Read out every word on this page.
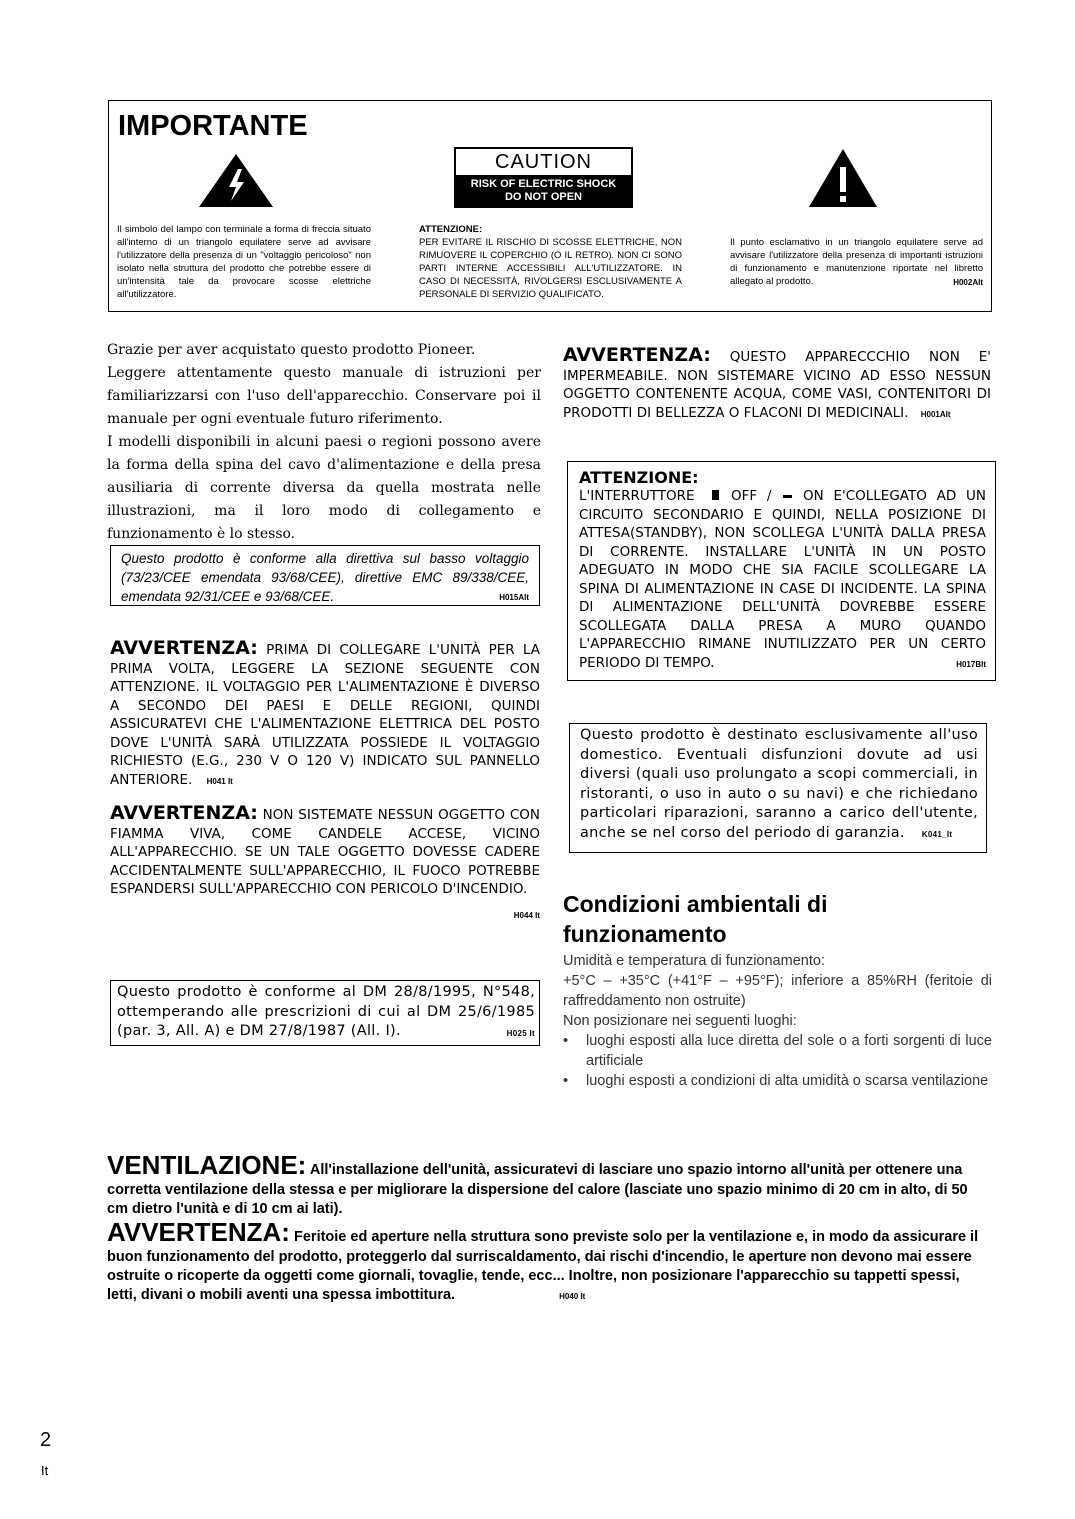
IMPORTANTE
CAUTION
RISK OF ELECTRIC SHOCK
DO NOT OPEN
Il simbolo del lampo con terminale a forma di freccia situato all'interno di un triangolo equilatere serve ad avvisare l'utilizzatore della presenza di un "voltaggio pericoloso" non isolato nella struttura del prodotto che potrebbe essere di un'intensità tale da provocare scosse elettriche all'utilizzatore.
ATTENZIONE:
PER EVITARE IL RISCHIO DI SCOSSE ELETTRICHE, NON RIMUOVERE IL COPERCHIO (O IL RETRO). NON CI SONO PARTI INTERNE ACCESSIBILI ALL'UTILIZZATORE. IN CASO DI NECESSITÀ, RIVOLGERSI ESCLUSIVAMENTE A PERSONALE DI SERVIZIO QUALIFICATO.
Il punto esclamativo in un triangolo equilatere serve ad avvisare l'utilizzatore della presenza di importanti istruzioni di funzionamento e manutenzione riportate nel libretto allegato al prodotto.	H002AIt
Grazie per aver acquistato questo prodotto Pioneer.
Leggere attentamente questo manuale di istruzioni per familiarizzarsi con l'uso dell'apparecchio. Conservare poi il manuale per ogni eventuale futuro riferimento.
I modelli disponibili in alcuni paesi o regioni possono avere la forma della spina del cavo d'alimentazione e della presa ausiliaria di corrente diversa da quella mostrata nelle illustrazioni, ma il loro modo di collegamento e funzionamento è lo stesso.
Questo prodotto è conforme alla direttiva sul basso voltaggio (73/23/CEE emendata 93/68/CEE), direttive EMC 89/338/CEE, emendata 92/31/CEE e 93/68/CEE.	H015AIt
AVVERTENZA: PRIMA DI COLLEGARE L'UNITÀ PER LA PRIMA VOLTA, LEGGERE LA SEZIONE SEGUENTE CON ATTENZIONE. IL VOLTAGGIO PER L'ALIMENTAZIONE È DIVERSO A SECONDO DEI PAESI E DELLE REGIONI, QUINDI ASSICURATEVI CHE L'ALIMENTAZIONE ELETTRICA DEL POSTO DOVE L'UNITÀ SARÀ UTILIZZATA POSSIEDE IL VOLTAGGIO RICHIESTO (E.G., 230 V O 120 V) INDICATO SUL PANNELLO ANTERIORE. H041 It
AVVERTENZA: NON SISTEMATE NESSUN OGGETTO CON FIAMMA VIVA, COME CANDELE ACCESE, VICINO ALL'APPARECCHIO. SE UN TALE OGGETTO DOVESSE CADERE ACCIDENTALMENTE SULL'APPARECCHIO, IL FUOCO POTREBBE ESPANDERSI SULL'APPARECCHIO CON PERICOLO D'INCENDIO.
H044 It
Questo prodotto è conforme al DM 28/8/1995, N°548, ottemperando alle prescrizioni di cui al DM 25/6/1985 (par. 3, All. A) e DM 27/8/1987 (All. I).	H025 It
AVVERTENZA: QUESTO APPARECCCHIO NON E' IMPERMEABILE. NON SISTEMARE VICINO AD ESSO NESSUN OGGETTO CONTENENTE ACQUA, COME VASI, CONTENITORI DI PRODOTTI DI BELLEZZA O FLACONI DI MEDICINALI. H001AIt
ATTENZIONE:
L'INTERRUTTORE	OFF / ON E'COLLEGATO AD UN CIRCUITO SECONDARIO E QUINDI, NELLA POSIZIONE DI ATTESA(STANDBY), NON SCOLLEGA L'UNITÀ DALLA PRESA DI CORRENTE. INSTALLARE L'UNITÀ IN UN POSTO ADEGUATO IN MODO CHE SIA FACILE SCOLLEGARE LA SPINA DI ALIMENTAZIONE IN CASE DI INCIDENTE. LA SPINA DI ALIMENTAZIONE DELL'UNITÀ DOVREBBE ESSERE SCOLLEGATA DALLA PRESA A MURO QUANDO L'APPARECCHIO RIMANE INUTILIZZATO PER UN CERTO PERIODO DI TEMPO.	H017BIt
Questo prodotto è destinato esclusivamente all'uso domestico. Eventuali disfunzioni dovute ad usi diversi (quali uso prolungato a scopi commerciali, in ristoranti, o uso in auto o su navi) e che richiedano particolari riparazioni, saranno a carico dell'utente, anche se nel corso del periodo di garanzia. K041_It
Condizioni ambientali di funzionamento
Umidità e temperatura di funzionamento:
+5°C – +35°C (+41°F – +95°F); inferiore a 85%RH (feritoie di raffreddamento non ostruite)
Non posizionare nei seguenti luoghi:
• luoghi esposti alla luce diretta del sole o a forti sorgenti di luce artificiale
• luoghi esposti a condizioni di alta umidità o scarsa ventilazione
VENTILAZIONE: All'installazione dell'unità, assicuratevi di lasciare uno spazio intorno all'unità per ottenere una corretta ventilazione della stessa e per migliorare la dispersione del calore (lasciate uno spazio minimo di 20 cm in alto, di 50 cm dietro l'unità e di 10 cm ai lati).
AVVERTENZA: Feritoie ed aperture nella struttura sono previste solo per la ventilazione e, in modo da assicurare il buon funzionamento del prodotto, proteggerlo dal surriscaldamento, dai rischi d'incendio, le aperture non devono mai essere ostruite o ricoperte da oggetti come giornali, tovaglie, tende, ecc... Inoltre, non posizionare l'apparecchio su tappetti spessi, letti, divani o mobili aventi una spessa imbottitura.	H040 It
2
It
